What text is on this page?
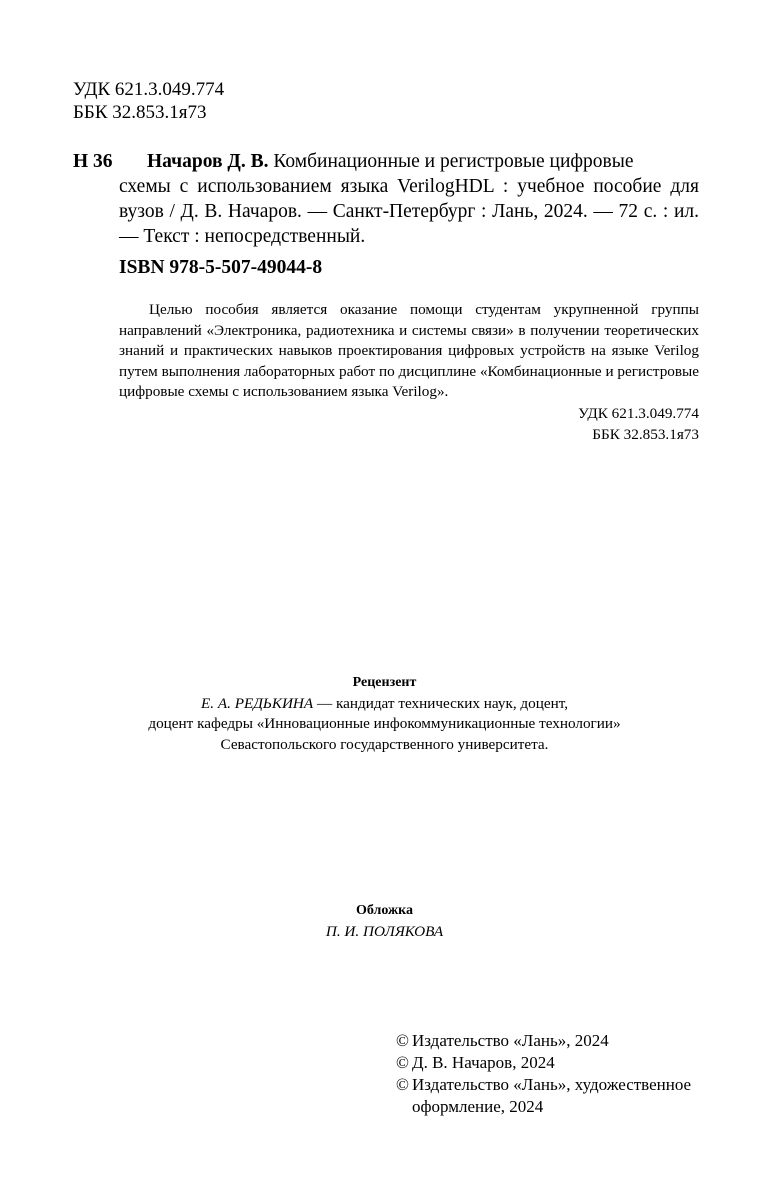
УДК 621.3.049.774
ББК 32.853.1я73
Н 36 Начаров Д. В. Комбинационные и регистровые цифровые
схемы с использованием языка VerilogHDL : учебное пособие для вузов / Д. В. Начаров. — Санкт-Петербург : Лань, 2024. — 72 с. : ил. — Текст : непосредственный.
ISBN 978-5-507-49044-8
Целью пособия является оказание помощи студентам укрупненной группы направлений «Электроника, радиотехника и системы связи» в получении теоретических знаний и практических навыков проектирования цифровых устройств на языке Verilog путем выполнения лабораторных работ по дисциплине «Комбинационные и регистровые цифровые схемы с использованием языка Verilog».
УДК 621.3.049.774
ББК 32.853.1я73
Рецензент
Е. А. РЕДЬКИНА — кандидат технических наук, доцент,
доцент кафедры «Инновационные инфокоммуникационные технологии»
Севастопольского государственного университета.
Обложка
П. И. ПОЛЯКОВА
© Издательство «Лань», 2024
© Д. В. Начаров, 2024
© Издательство «Лань», художественное оформление, 2024
